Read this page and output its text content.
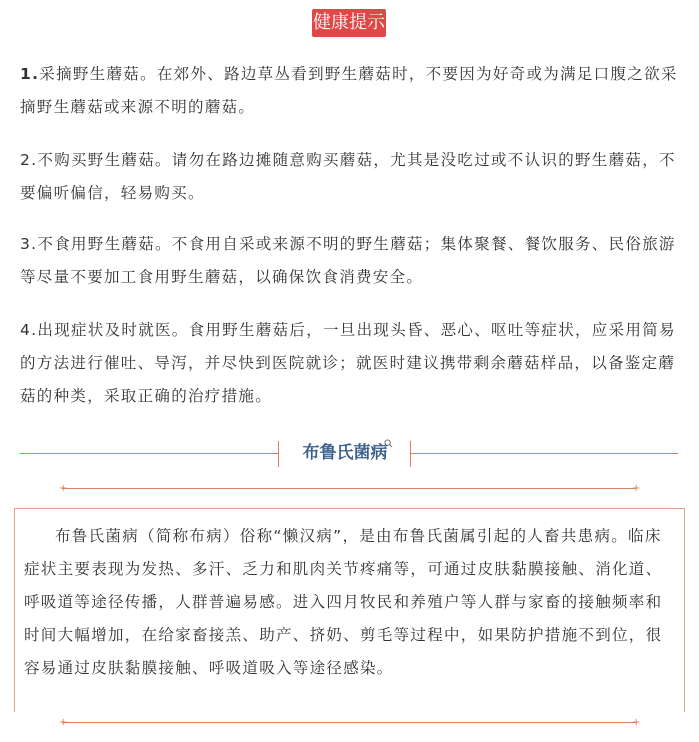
健康提示

1.采摘野生蘑菇。在郊外、路边草丛看到野生蘑菇时，不要因为好奇或为满足口腹之欲采摘野生蘑菇或来源不明的蘑菇。

2.不购买野生蘑菇。请勿在路边摊随意购买蘑菇，尤其是没吃过或不认识的野生蘑菇，不要偏听偏信，轻易购买。

3.不食用野生蘑菇。不食用自采或来源不明的野生蘑菇；集体聚餐、餐饮服务、民俗旅游等尽量不要加工食用野生蘑菇，以确保饮食消费安全。

4.出现症状及时就医。食用野生蘑菇后，一旦出现头昏、恶心、呕吐等症状，应采用简易的方法进行催吐、导泻，并尽快到医院就诊；就医时建议携带剩余蘑菇样品，以备鉴定蘑菇的种类，采取正确的治疗措施。

布鲁氏菌病
+	+

布鲁氏菌病（简称布病）俗称“懒汉病”，是由布鲁氏菌属引起的人畜共患病。临床症状主要表现为发热、多汗、乏力和肌肉关节疼痛等，可通过皮肤黏膜接触、消化道、呼吸道等途径传播，人群普遍易感。进入四月牧民和养殖户等人群与家畜的接触频率和时间大幅增加，在给家畜接羔、助产、挤奶、剪毛等过程中，如果防护措施不到位，很容易通过皮肤黏膜接触、呼吸道吸入等途径感染。

+	+
